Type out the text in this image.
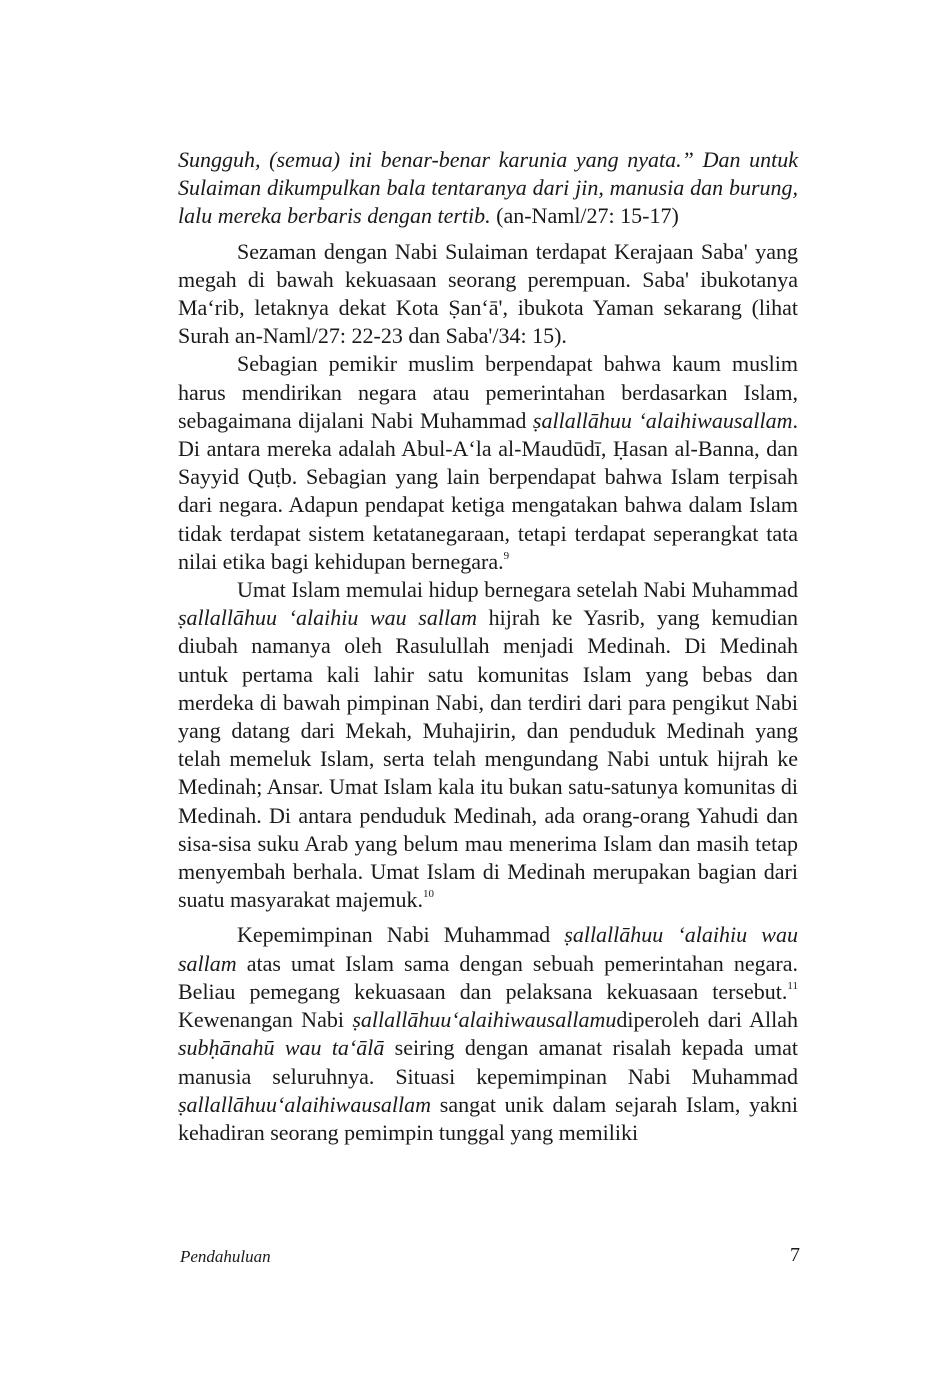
Sungguh, (semua) ini benar-benar karunia yang nyata.” Dan untuk Sulaiman dikumpulkan bala tentaranya dari jin, manusia dan burung, lalu mereka berbaris dengan tertib. (an-Naml/27: 15-17)

Sezaman dengan Nabi Sulaiman terdapat Kerajaan Saba' yang megah di bawah kekuasaan seorang perempuan. Saba' ibukotanya Ma‘rib, letaknya dekat Kota Ṣan‘ā', ibukota Yaman sekarang (lihat Surah an-Naml/27: 22-23 dan Saba'/34: 15).

Sebagian pemikir muslim berpendapat bahwa kaum muslim harus mendirikan negara atau pemerintahan berdasarkan Islam, sebagaimana dijalani Nabi Muhammad ṣallallāhuu ‘alaihiwausallam. Di antara mereka adalah Abul-A‘la al-Maudūdī, Ḥasan al-Banna, dan Sayyid Quṭb. Sebagian yang lain berpendapat bahwa Islam terpisah dari negara. Adapun pendapat ketiga mengatakan bahwa dalam Islam tidak terdapat sistem ketatanegaraan, tetapi terdapat seperangkat tata nilai etika bagi kehidupan bernegara.$^9$

Umat Islam memulai hidup bernegara setelah Nabi Muhammad ṣallallāhuu ‘alaihiu wau sallam hijrah ke Yasrib, yang kemudian diubah namanya oleh Rasulullah menjadi Medinah. Di Medinah untuk pertama kali lahir satu komunitas Islam yang bebas dan merdeka di bawah pimpinan Nabi, dan terdiri dari para pengikut Nabi yang datang dari Mekah, Muhajirin, dan penduduk Medinah yang telah memeluk Islam, serta telah mengundang Nabi untuk hijrah ke Medinah; Ansar. Umat Islam kala itu bukan satu-satunya komunitas di Medinah. Di antara penduduk Medinah, ada orang-orang Yahudi dan sisa-sisa suku Arab yang belum mau menerima Islam dan masih tetap menyembah berhala. Umat Islam di Medinah merupakan bagian dari suatu masyarakat majemuk.$^{10}$

Kepemimpinan Nabi Muhammad ṣallallāhuu ‘alaihiu wau sallam atas umat Islam sama dengan sebuah pemerintahan negara. Beliau pemegang kekuasaan dan pelaksana kekuasaan tersebut.$^{11}$ Kewenangan Nabi ṣallallāhuu‘alaihiwausallamudiperoleh dari Allah subḥānahū wau ta‘ālā seiring dengan amanat risalah kepada umat manusia seluruhnya. Situasi kepemimpinan Nabi Muhammad ṣallallāhuu‘alaihiwausallam sangat unik dalam sejarah Islam, yakni kehadiran seorang pemimpin tunggal yang memiliki

Pendahuluan	7
